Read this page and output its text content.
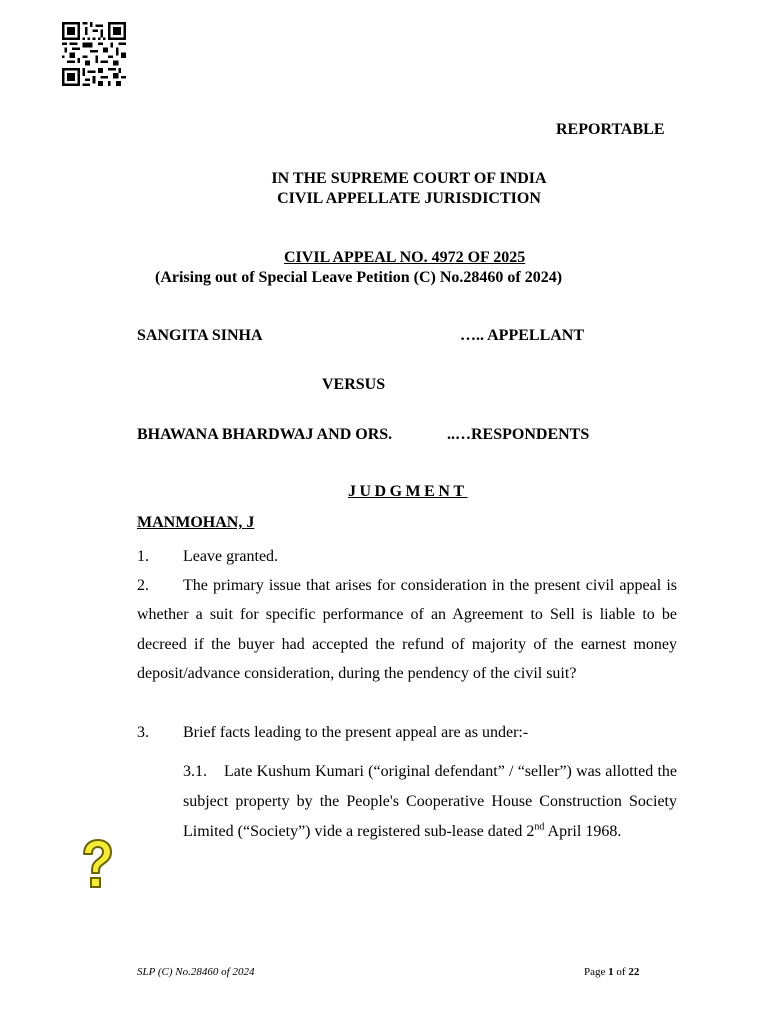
REPORTABLE
IN THE SUPREME COURT OF INDIA
CIVIL APPELLATE JURISDICTION
CIVIL APPEAL NO. 4972 OF 2025
(Arising out of Special Leave Petition (C) No.28460 of 2024)
SANGITA SINHA	….. APPELLANT
VERSUS
BHAWANA BHARDWAJ AND ORS.	..…RESPONDENTS
JUDGMENT
MANMOHAN, J
1.	Leave granted.
2.	The primary issue that arises for consideration in the present civil appeal is whether a suit for specific performance of an Agreement to Sell is liable to be decreed if the buyer had accepted the refund of majority of the earnest money deposit/advance consideration, during the pendency of the civil suit?
3.	Brief facts leading to the present appeal are as under:-
3.1. Late Kushum Kumari (“original defendant” / “seller”) was allotted the subject property by the People's Cooperative House Construction Society Limited (“Society”) vide a registered sub-lease dated 2nd April 1968.
SLP (C) No.28460 of 2024	Page 1 of 22
